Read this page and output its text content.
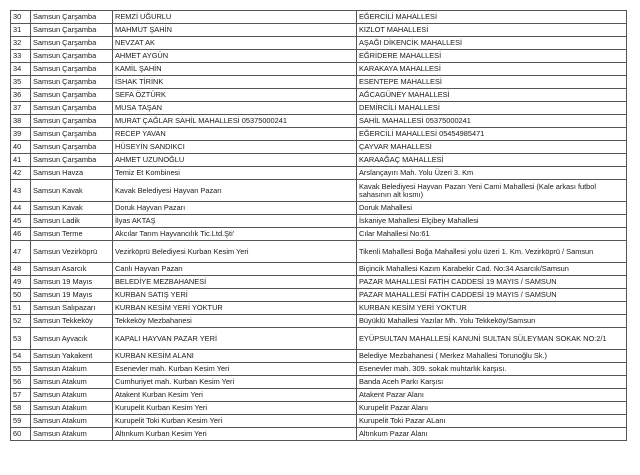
30	Samsun Çarşamba	REMZİ UĞURLU	EĞERCİLİ MAHALLESİ
31	Samsun Çarşamba	MAHMUT ŞAHİN	KIZLOT MAHALLESİ
32	Samsun Çarşamba	NEVZAT AK	AŞAĞI DİKENCİK MAHALLESİ
33	Samsun Çarşamba	AHMET AYGÜN	EĞRİDERE MAHALLESİ
34	Samsun Çarşamba	KAMİL ŞAHİN	KARAKAYA MAHALLESİ
35	Samsun Çarşamba	İSHAK TİRİNK	ESENTEPE MAHALLESİ
36	Samsun Çarşamba	SEFA ÖZTÜRK	AĞCAGÜNEY MAHALLESİ
37	Samsun Çarşamba	MUSA TAŞAN	DEMİRCİLİ MAHALLESİ
38	Samsun Çarşamba	MURAT ÇAĞLAR SAHİL MAHALLESİ 05375000241	SAHİL MAHALLESİ 05375000241
39	Samsun Çarşamba	RECEP YAVAN	EĞERCİLİ MAHALLESİ 05454985471
40	Samsun Çarşamba	HÜSEYİN SANDIKCI	ÇAYVAR MAHALLESİ
41	Samsun Çarşamba	AHMET UZUNOĞLU	KARAAĞAÇ MAHALLESİ
42	Samsun Havza	Temiz Et Kombinesi	Arslançayırı Mah. Yolu Üzeri 3. Km
43	Samsun Kavak	Kavak Belediyesi Hayvan Pazarı	Kavak Belediyesi Hayvan Pazarı Yeni Cami Mahallesi (Kale arkası futbol sahasının alt kısmı)
44	Samsun Kavak	Doruk Hayvan Pazarı	Doruk Mahallesi
45	Samsun Ladik	İlyas AKTAŞ	İskaniye Mahallesi Elçibey Mahallesi
46	Samsun Terme	Akcılar Tarım Hayvancılık Tic.Ltd.Şti'	Cılar Mahallesi No:61
47	Samsun Vezirköprü	Vezirköprü Belediyesi Kurban Kesim Yeri	Tikenli Mahallesi Boğa Mahallesi yolu üzeri 1. Km. Vezirköprü / Samsun
48	Samsun Asarcık	Canlı Hayvan Pazarı	Biçincik Mahallesi Kazım Karabekir Cad. No:34 Asarcık/Samsun
49	Samsun 19 Mayıs	BELEDİYE MEZBAHANESİ	PAZAR MAHALLESİ FATİH CADDESİ 19 MAYIS / SAMSUN
50	Samsun 19 Mayıs	KURBAN SATIŞ YERİ	PAZAR MAHALLESİ FATİH CADDESİ 19 MAYIS / SAMSUN
51	Samsun Salıpazarı	KURBAN KESİM YERİ YOKTUR	KURBAN KESİM YERİ YOKTUR
52	Samsun Tekkeköy	Tekkeköy Mezbahanesi	Büyüklü Mahallesi Yazılar Mh. Yolu Tekkeköy/Samsun
53	Samsun Ayvacık	KAPALI HAYVAN PAZAR YERİ	EYÜPSULTAN MAHALLESİ KANUNİ SULTAN SÜLEYMAN SOKAK NO:2/1
54	Samsun Yakakent	KURBAN KESİM ALANI	Belediye Mezbahanesi ( Merkez Mahallesi Torunoğlu Sk.)
55	Samsun Atakum	Esenevler mah. Kurban Kesim Yeri	Esenevler mah. 309. sokak muhtarlık karşısı.
56	Samsun Atakum	Cumhuriyet mah. Kurban Kesim Yeri	Banda Aceh Parkı Karşısı
57	Samsun Atakum	Atakent Kurban Kesim Yeri	Atakent Pazar Alanı
58	Samsun Atakum	Kurupelit Kurban Kesim Yeri	Kurupelit Pazar Alanı
59	Samsun Atakum	Kurupelit Toki Kurban Kesim Yeri	Kurupelit Toki Pazar ALanı
60	Samsun Atakum	Altınkum Kurban Kesim Yeri	Altınkum Pazar Alanı
